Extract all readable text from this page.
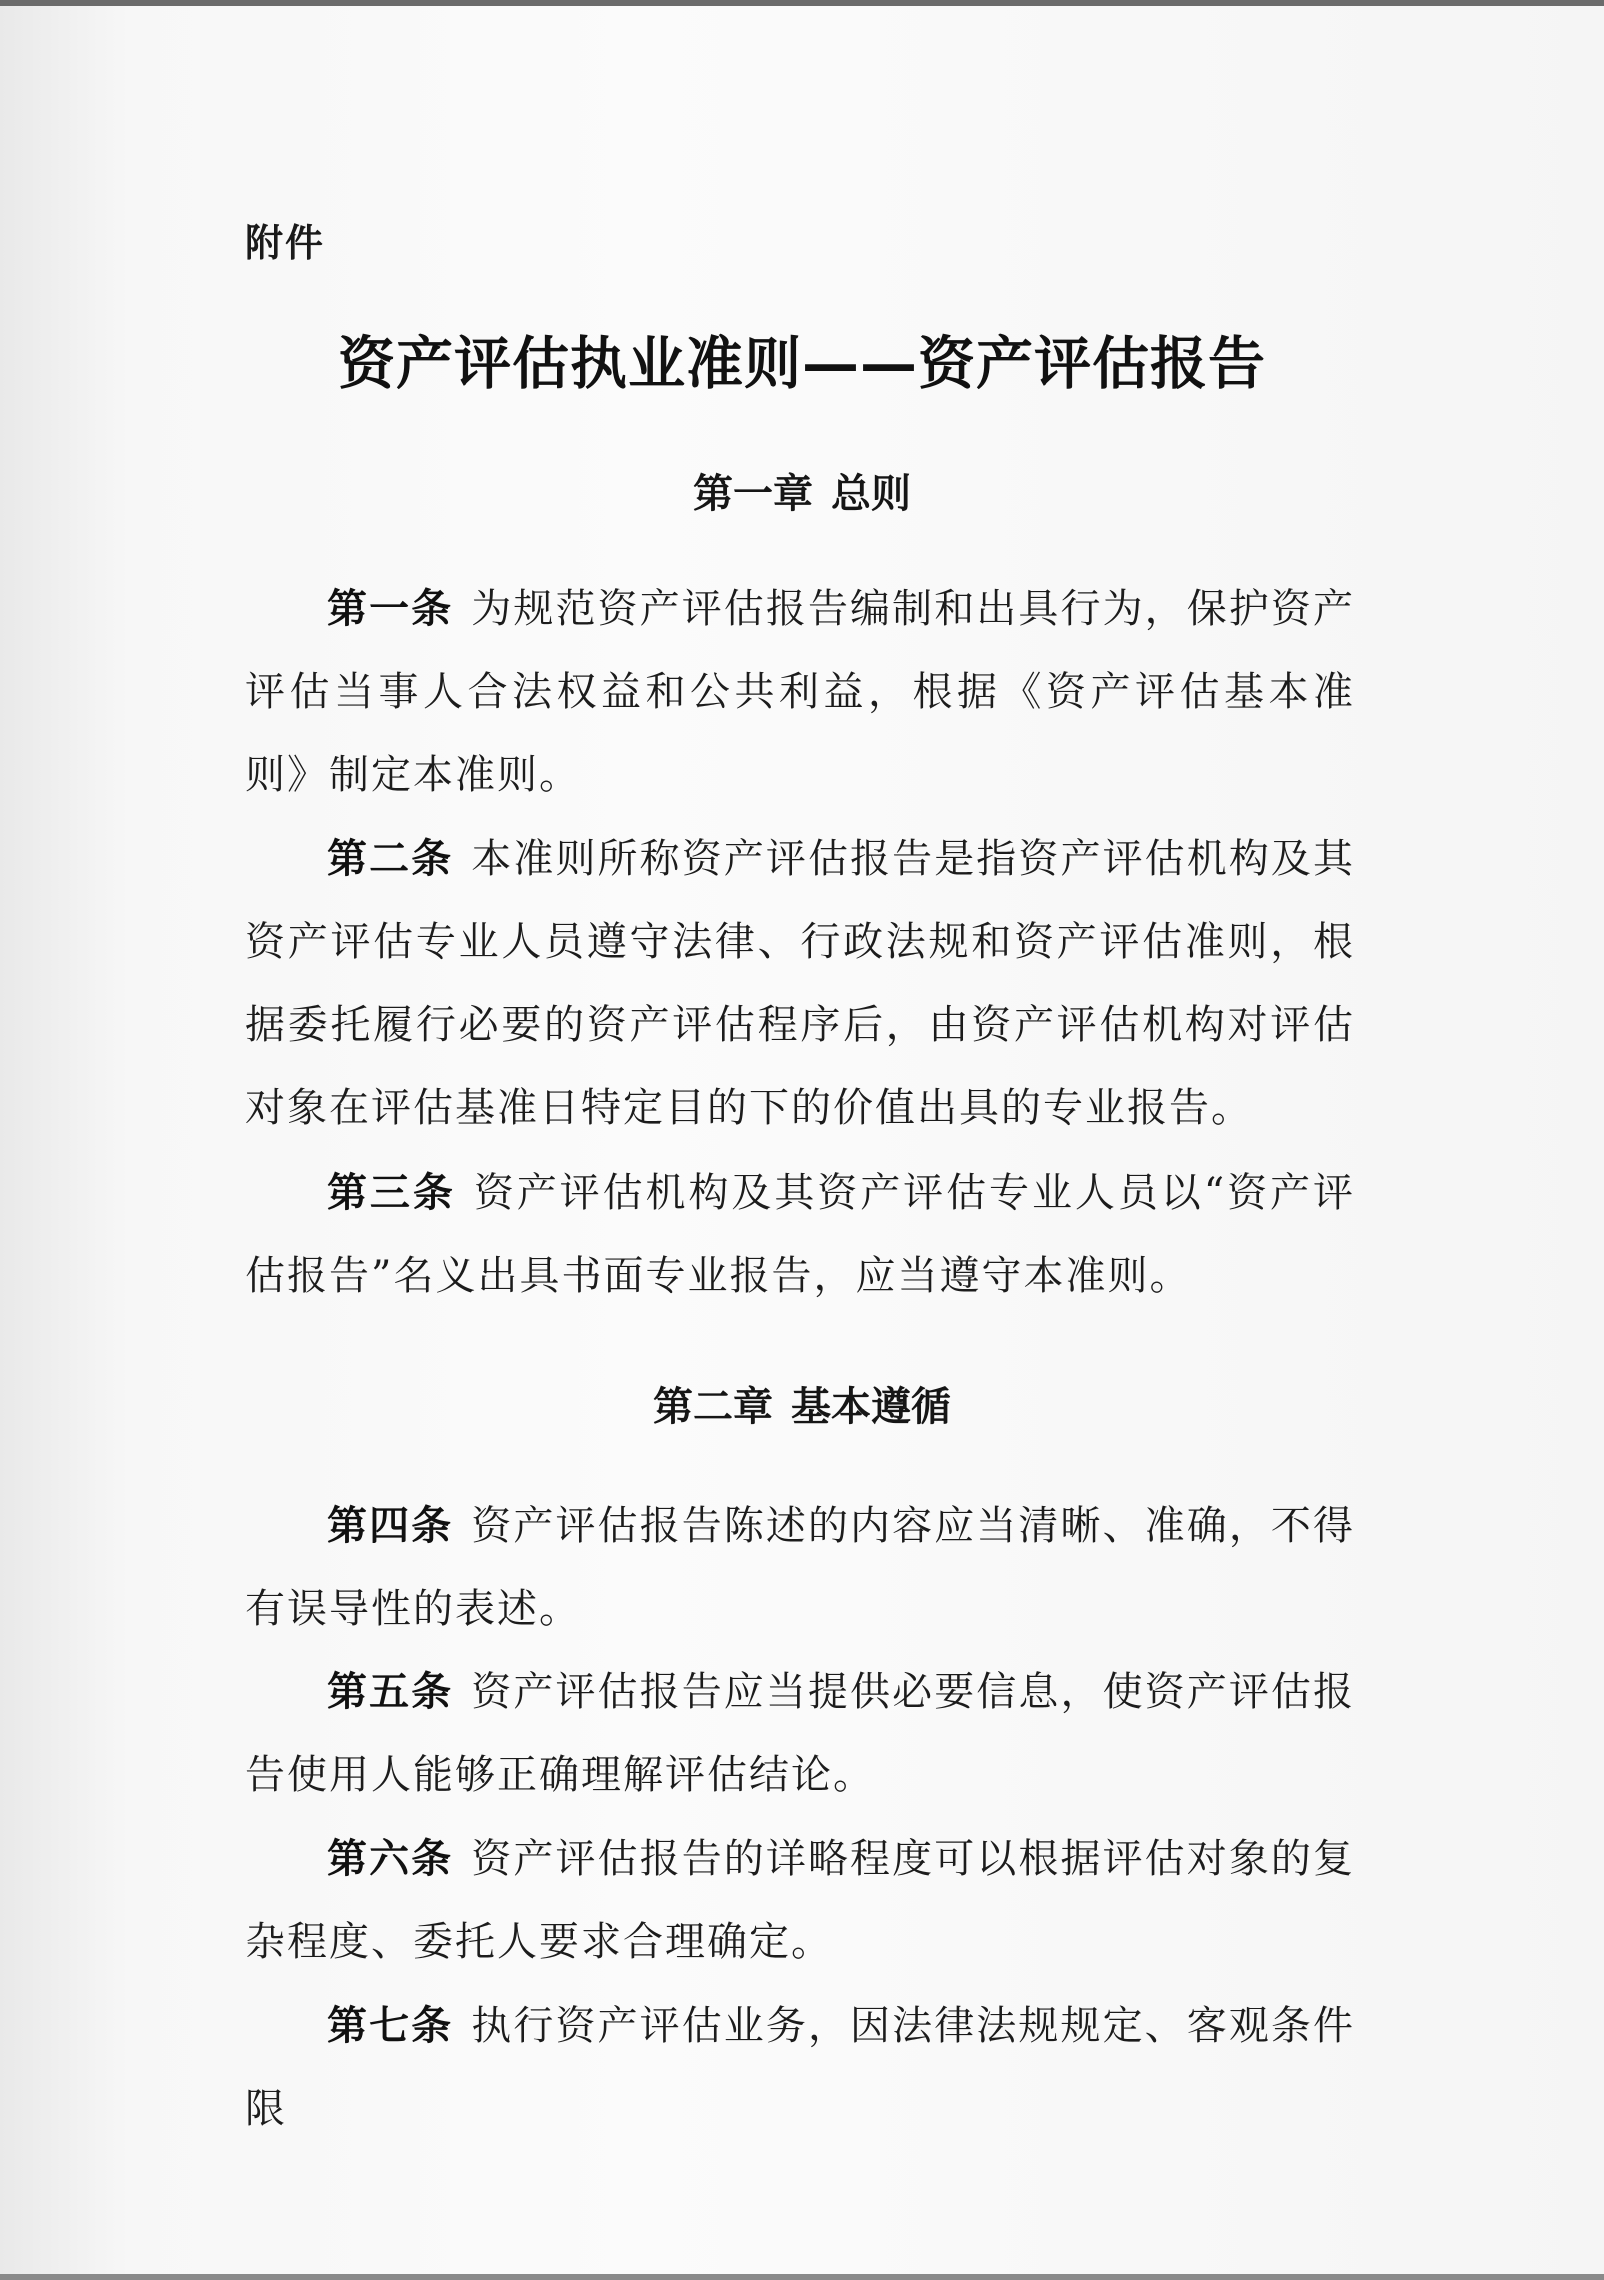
附件
资产评估执业准则——资产评估报告
第一章 总则
第一条 为规范资产评估报告编制和出具行为，保护资产评估当事人合法权益和公共利益，根据《资产评估基本准则》制定本准则。
第二条 本准则所称资产评估报告是指资产评估机构及其资产评估专业人员遵守法律、行政法规和资产评估准则，根据委托履行必要的资产评估程序后，由资产评估机构对评估对象在评估基准日特定目的下的价值出具的专业报告。
第三条 资产评估机构及其资产评估专业人员以“资产评估报告”名义出具书面专业报告，应当遵守本准则。
第二章 基本遵循
第四条 资产评估报告陈述的内容应当清晰、准确，不得有误导性的表述。
第五条 资产评估报告应当提供必要信息，使资产评估报告使用人能够正确理解评估结论。
第六条 资产评估报告的详略程度可以根据评估对象的复杂程度、委托人要求合理确定。
第七条 执行资产评估业务，因法律法规规定、客观条件限
